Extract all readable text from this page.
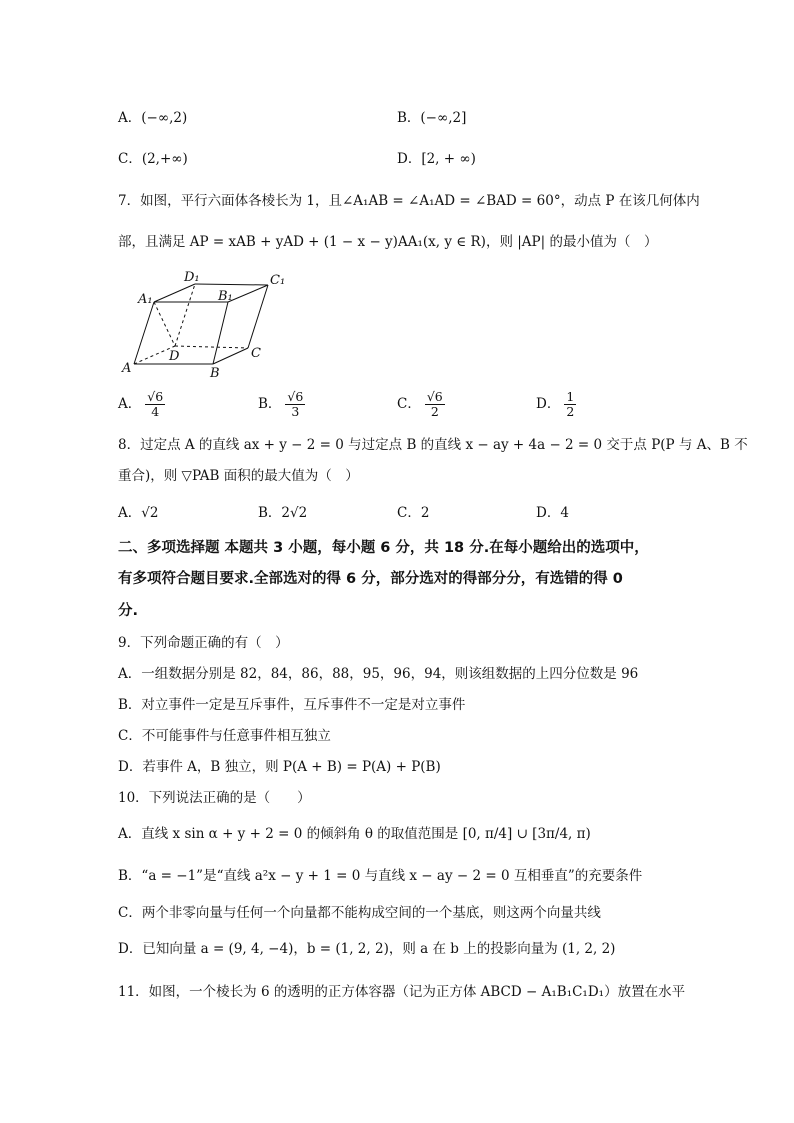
A．(−∞,2)	B．(−∞,2]
C．(2,+∞)	D．[2, + ∞)
7．如图，平行六面体各棱长为 1，且∠A₁AB = ∠A₁AD = ∠BAD = 60°，动点 P 在该几何体内
部，且满足 AP = xAB + yAD + (1 − x − y)AA₁(x, y ∈ R)，则 |AP| 的最小值为（　）
A	B
C
D
A₁	B₁
C₁
D₁
A． $\frac{√6}{4}$	B． $\frac{√6}{3}$	C． $\frac{√6}{2}$	D． $\frac{1}{2}$
8．过定点 A 的直线 ax + y − 2 = 0 与过定点 B 的直线 x − ay + 4a − 2 = 0 交于点 P(P 与 A、B 不
重合)，则 ▽PAB 面积的最大值为（　）
A．√2	B．2√2	C．2	D．4
二、多项选择题 本题共 3 小题，每小题 6 分，共 18 分.在每小题给出的选项中，
有多项符合题目要求.全部选对的得 6 分，部分选对的得部分分，有选错的得 0
分.
9．下列命题正确的有（　）
A．一组数据分别是 82，84，86，88，95，96，94，则该组数据的上四分位数是 96
B．对立事件一定是互斥事件，互斥事件不一定是对立事件
C．不可能事件与任意事件相互独立
D．若事件 A，B 独立，则 P(A + B) = P(A) + P(B)
10．下列说法正确的是（　　）
A．直线 x sin α + y + 2 = 0 的倾斜角 θ 的取值范围是 [0, π/4] ∪ [3π/4, π)
B．“a = −1”是“直线 a²x − y + 1 = 0 与直线 x − ay − 2 = 0 互相垂直”的充要条件
C．两个非零向量与任何一个向量都不能构成空间的一个基底，则这两个向量共线
D．已知向量 a = (9, 4, −4)，b = (1, 2, 2)，则 a 在 b 上的投影向量为 (1, 2, 2)
11．如图，一个棱长为 6 的透明的正方体容器（记为正方体 ABCD − A₁B₁C₁D₁）放置在水平
